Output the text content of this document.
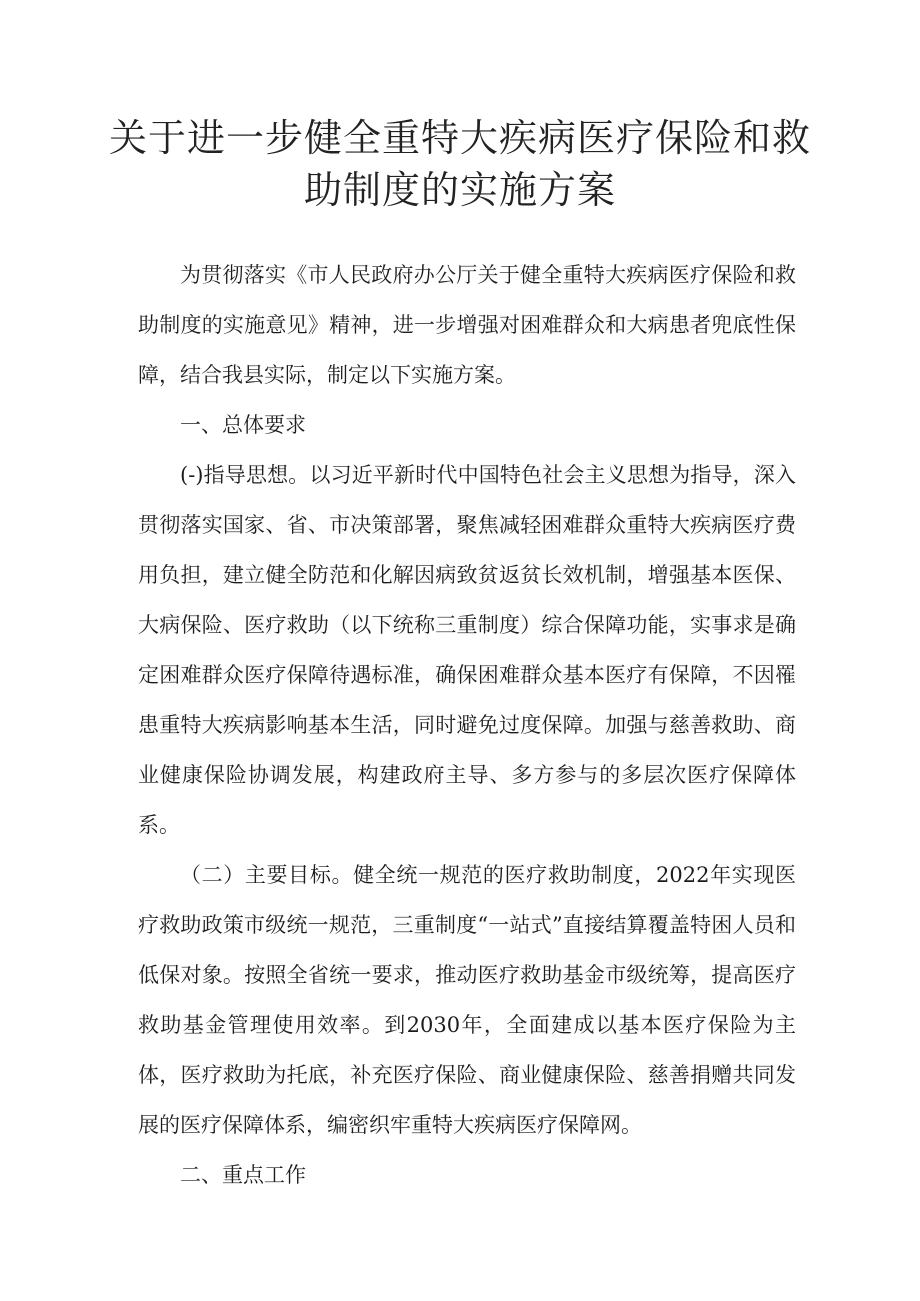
关于进一步健全重特大疾病医疗保险和救
助制度的实施方案

为贯彻落实《市人民政府办公厅关于健全重特大疾病医疗保险和救助制度的实施意见》精神，进一步增强对困难群众和大病患者兜底性保障，结合我县实际，制定以下实施方案。

一、总体要求

(-)指导思想。以习近平新时代中国特色社会主义思想为指导，深入贯彻落实国家、省、市决策部署，聚焦减轻困难群众重特大疾病医疗费用负担，建立健全防范和化解因病致贫返贫长效机制，增强基本医保、大病保险、医疗救助（以下统称三重制度）综合保障功能，实事求是确定困难群众医疗保障待遇标准，确保困难群众基本医疗有保障，不因罹患重特大疾病影响基本生活，同时避免过度保障。加强与慈善救助、商业健康保险协调发展，构建政府主导、多方参与的多层次医疗保障体系。

（二）主要目标。健全统一规范的医疗救助制度，2022年实现医疗救助政策市级统一规范，三重制度“一站式”直接结算覆盖特困人员和低保对象。按照全省统一要求，推动医疗救助基金市级统筹，提高医疗救助基金管理使用效率。到2030年，全面建成以基本医疗保险为主体，医疗救助为托底，补充医疗保险、商业健康保险、慈善捐赠共同发展的医疗保障体系，编密织牢重特大疾病医疗保障网。

二、重点工作
